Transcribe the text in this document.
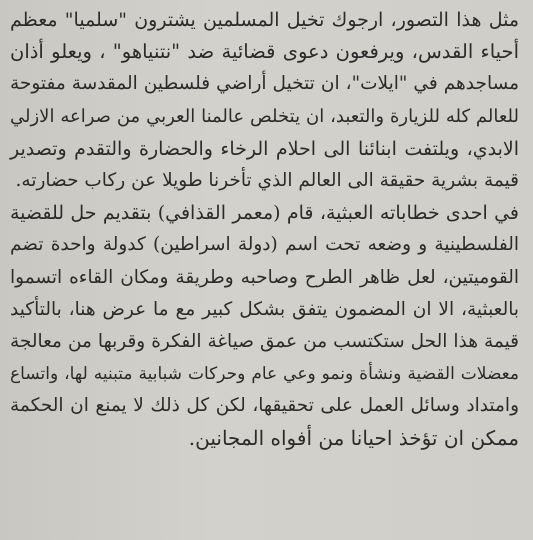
مثل هذا التصور، ارجوك تخيل المسلمين يشترون "سلميا" معظم
أحياء القدس، ويرفعون دعوى قضائية ضد "نتنياهو" ، ويعلو أذان
مساجدهم في "ايلات"، ان تتخيل أراضي فلسطين المقدسة مفتوحة
للعالم كله للزيارة والتعبد، ان يتخلص عالمنا العربي من صراعه الازلي
الابدي، ويلتفت ابنائنا الى احلام الرخاء والحضارة والتقدم وتصدير
قيمة بشرية حقيقة الى العالم الذي تأخرنا طويلا عن ركاب حضارته.
في احدى خطاباته العبثية، قام (معمر القذافي) بتقديم حل للقضية
الفلسطينية و وضعه تحت اسم (دولة اسراطين) كدولة واحدة تضم
القوميتين، لعل ظاهر الطرح وصاحبه وطريقة ومكان القاءه اتسموا
بالعبثية، الا ان المضمون يتفق بشكل كبير مع ما عرض هنا، بالتأكيد
قيمة هذا الحل ستكتسب من عمق صياغة الفكرة وقربها من معالجة
معضلات القضية ونشأة ونمو وعي عام وحركات شبابية متبنيه لها، واتساع
وامتداد وسائل العمل على تحقيقها، لكن كل ذلك لا يمنع ان الحكمة
ممكن ان تؤخذ احيانا من أفواه المجانين.
